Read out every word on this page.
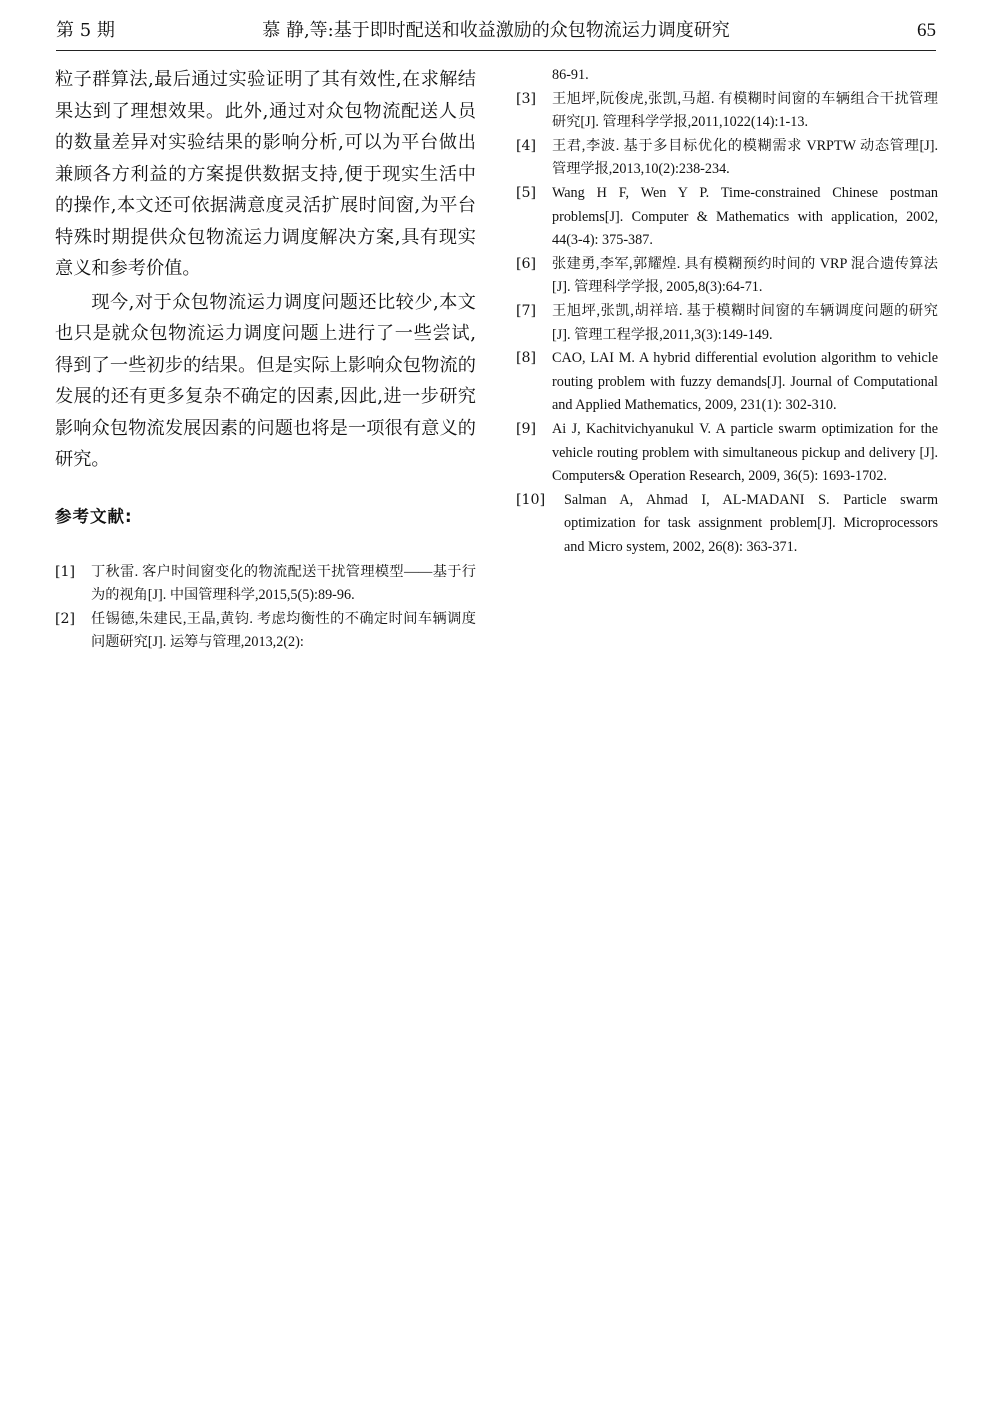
第 5 期	慕 静,等:基于即时配送和收益激励的众包物流运力调度研究	65

粒子群算法,最后通过实验证明了其有效性,在求解结果达到了理想效果。此外,通过对众包物流配送人员的数量差异对实验结果的影响分析,可以为平台做出兼顾各方利益的方案提供数据支持,便于现实生活中的操作,本文还可依据满意度灵活扩展时间窗,为平台特殊时期提供众包物流运力调度解决方案,具有现实意义和参考价值。

现今,对于众包物流运力调度问题还比较少,本文也只是就众包物流运力调度问题上进行了一些尝试,得到了一些初步的结果。但是实际上影响众包物流的发展的还有更多复杂不确定的因素,因此,进一步研究影响众包物流发展因素的问题也将是一项很有意义的研究。

参考文献:
[1]	丁秋雷. 客户时间窗变化的物流配送干扰管理模型——基于行为的视角[J]. 中国管理科学,2015,5(5):89-96.
[2]	任锡德,朱建民,王晶,黄钧. 考虑均衡性的不确定时间车辆调度问题研究[J]. 运筹与管理,2013,2(2):
86-91.
[3]	王旭坪,阮俊虎,张凯,马超. 有模糊时间窗的车辆组合干扰管理研究[J]. 管理科学学报,2011,1022(14):1-13.
[4]	王君,李波. 基于多目标优化的模糊需求 VRPTW 动态管理[J]. 管理学报,2013,10(2):238-234.
[5]	Wang H F, Wen Y P. Time-constrained Chinese postman problems[J]. Computer & Mathematics with application, 2002, 44(3-4): 375-387.
[6]	张建勇,李军,郭耀煌. 具有模糊预约时间的 VRP 混合遗传算法[J]. 管理科学学报, 2005,8(3):64-71.
[7]	王旭坪,张凯,胡祥培. 基于模糊时间窗的车辆调度问题的研究[J]. 管理工程学报,2011,3(3):149-149.
[8]	CAO, LAI M. A hybrid differential evolution algorithm to vehicle routing problem with fuzzy demands[J]. Journal of Computational and Applied Mathematics, 2009, 231(1): 302-310.
[9]	Ai J, Kachitvichyanukul V. A particle swarm optimization for the vehicle routing problem with simultaneous pickup and delivery [J]. Computers& Operation Research, 2009, 36(5): 1693-1702.
[10]	Salman A, Ahmad I, AL-MADANI S. Particle swarm optimization for task assignment problem[J]. Microprocessors and Micro system, 2002, 26(8): 363-371.
